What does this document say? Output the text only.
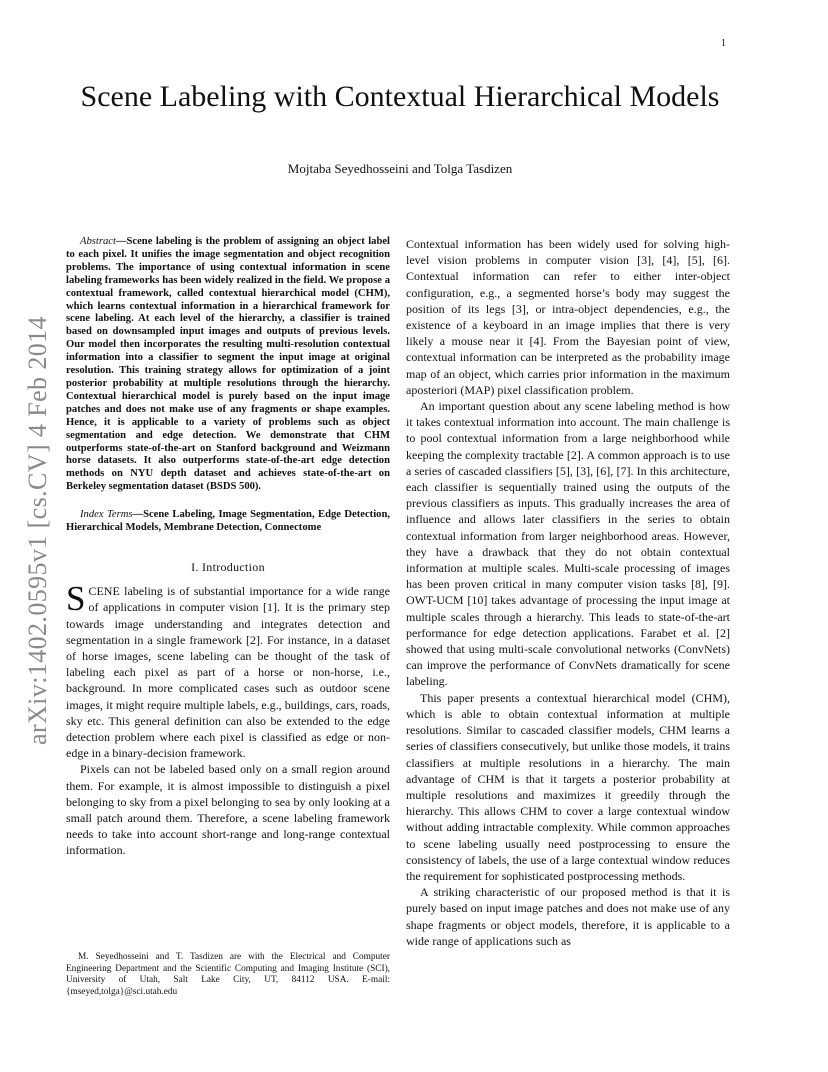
1
Scene Labeling with Contextual Hierarchical Models
Mojtaba Seyedhosseini and Tolga Tasdizen
arXiv:1402.0595v1 [cs.CV] 4 Feb 2014

Abstract—Scene labeling is the problem of assigning an object label to each pixel. It unifies the image segmentation and object recognition problems. The importance of using contextual information in scene labeling frameworks has been widely realized in the field. We propose a contextual framework, called contextual hierarchical model (CHM), which learns contextual information in a hierarchical framework for scene labeling. At each level of the hierarchy, a classifier is trained based on downsampled input images and outputs of previous levels. Our model then incorporates the resulting multi-resolution contextual information into a classifier to segment the input image at original resolution. This training strategy allows for optimization of a joint posterior probability at multiple resolutions through the hierarchy. Contextual hierarchical model is purely based on the input image patches and does not make use of any fragments or shape examples. Hence, it is applicable to a variety of problems such as object segmentation and edge detection. We demonstrate that CHM outperforms state-of-the-art on Stanford background and Weizmann horse datasets. It also outperforms state-of-the-art edge detection methods on NYU depth dataset and achieves state-of-the-art on Berkeley segmentation dataset (BSDS 500).

Index Terms—Scene Labeling, Image Segmentation, Edge Detection, Hierarchical Models, Membrane Detection, Connectome

I. Introduction

SCENE labeling is of substantial importance for a wide range of applications in computer vision [1]. It is the primary step towards image understanding and integrates detection and segmentation in a single framework [2]. For instance, in a dataset of horse images, scene labeling can be thought of the task of labeling each pixel as part of a horse or non-horse, i.e., background. In more complicated cases such as outdoor scene images, it might require multiple labels, e.g., buildings, cars, roads, sky etc. This general definition can also be extended to the edge detection problem where each pixel is classified as edge or non-edge in a binary-decision framework.

Pixels can not be labeled based only on a small region around them. For example, it is almost impossible to distinguish a pixel belonging to sky from a pixel belonging to sea by only looking at a small patch around them. Therefore, a scene labeling framework needs to take into account short-range and long-range contextual information.

M. Seyedhosseini and T. Tasdizen are with the Electrical and Computer Engineering Department and the Scientific Computing and Imaging Institute (SCI), University of Utah, Salt Lake City, UT, 84112 USA. E-mail: {mseyed,tolga}@sci.utah.edu

Contextual information has been widely used for solving high-level vision problems in computer vision [3], [4], [5], [6]. Contextual information can refer to either inter-object configuration, e.g., a segmented horse’s body may suggest the position of its legs [3], or intra-object dependencies, e.g., the existence of a keyboard in an image implies that there is very likely a mouse near it [4]. From the Bayesian point of view, contextual information can be interpreted as the probability image map of an object, which carries prior information in the maximum aposteriori (MAP) pixel classification problem.

An important question about any scene labeling method is how it takes contextual information into account. The main challenge is to pool contextual information from a large neighborhood while keeping the complexity tractable [2]. A common approach is to use a series of cascaded classifiers [5], [3], [6], [7]. In this architecture, each classifier is sequentially trained using the outputs of the previous classifiers as inputs. This gradually increases the area of influence and allows later classifiers in the series to obtain contextual information from larger neighborhood areas. However, they have a drawback that they do not obtain contextual information at multiple scales. Multi-scale processing of images has been proven critical in many computer vision tasks [8], [9]. OWT-UCM [10] takes advantage of processing the input image at multiple scales through a hierarchy. This leads to state-of-the-art performance for edge detection applications. Farabet et al. [2] showed that using multi-scale convolutional networks (ConvNets) can improve the performance of ConvNets dramatically for scene labeling.

This paper presents a contextual hierarchical model (CHM), which is able to obtain contextual information at multiple resolutions. Similar to cascaded classifier models, CHM learns a series of classifiers consecutively, but unlike those models, it trains classifiers at multiple resolutions in a hierarchy. The main advantage of CHM is that it targets a posterior probability at multiple resolutions and maximizes it greedily through the hierarchy. This allows CHM to cover a large contextual window without adding intractable complexity. While common approaches to scene labeling usually need postprocessing to ensure the consistency of labels, the use of a large contextual window reduces the requirement for sophisticated postprocessing methods.

A striking characteristic of our proposed method is that it is purely based on input image patches and does not make use of any shape fragments or object models, therefore, it is applicable to a wide range of applications such as
